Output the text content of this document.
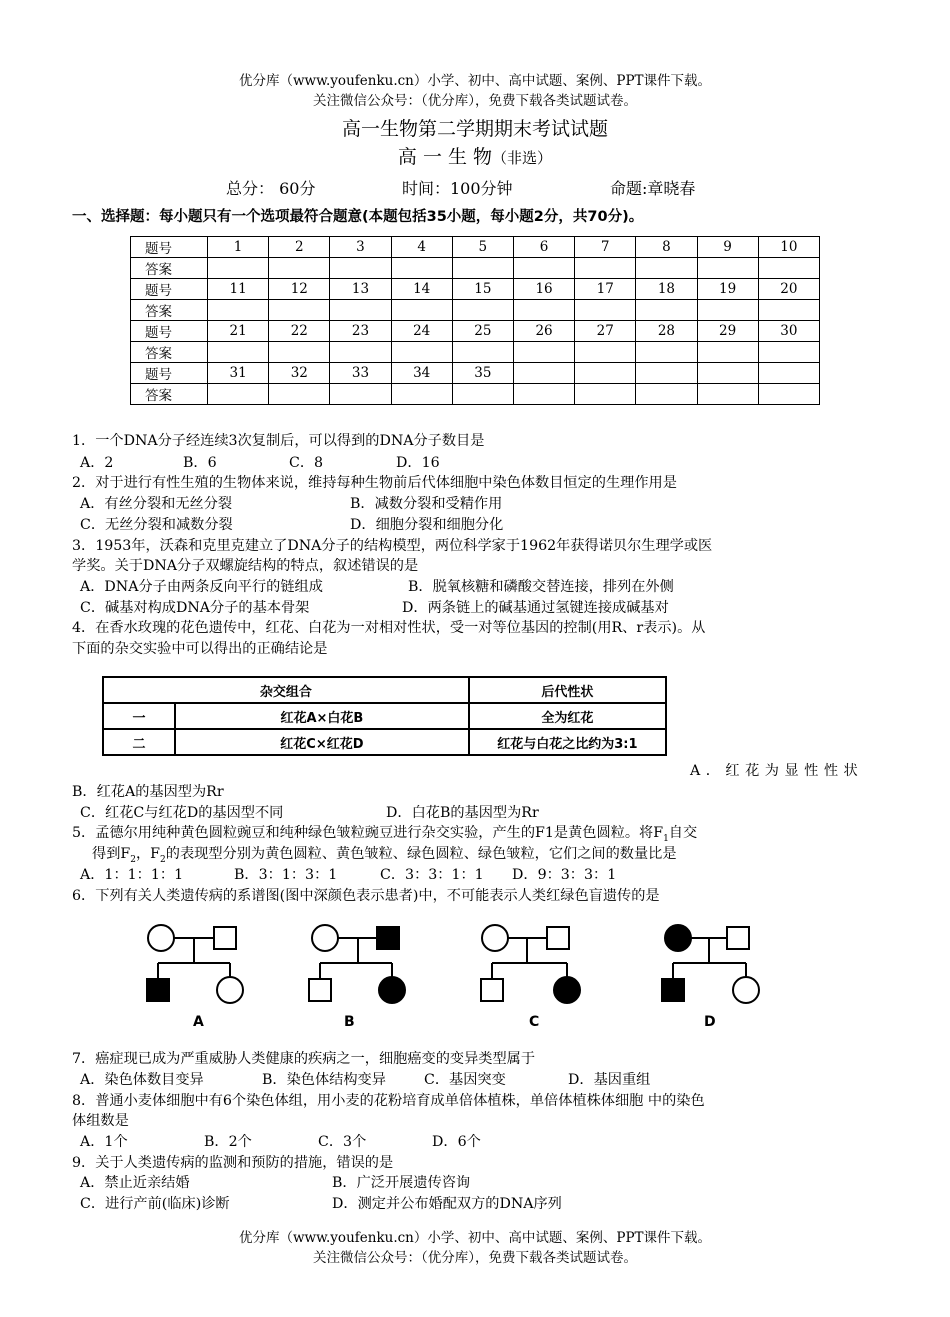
优分库（www.youfenku.cn）小学、初中、高中试题、案例、PPT课件下载。
关注微信公众号：（优分库），免费下载各类试题试卷。
高一生物第二学期期末考试试题
高 一 生 物（非选）
总分： 60分	时间：100分钟	命题:章晓春
一、选择题：每小题只有一个选项最符合题意(本题包括35小题，每小题2分，共70分)。
题号	1	2	3	4	5	6	7	8	9	10
答案										
题号	11	12	13	14	15	16	17	18	19	20
答案										
题号	21	22	23	24	25	26	27	28	29	30
答案										
题号	31	32	33	34	35					
答案										
1．一个DNA分子经连续3次复制后，可以得到的DNA分子数目是
A．2	B．6	C．8	D．16
2．对于进行有性生殖的生物体来说，维持每种生物前后代体细胞中染色体数目恒定的生理作用是
A．有丝分裂和无丝分裂	B．减数分裂和受精作用
C．无丝分裂和减数分裂	D．细胞分裂和细胞分化
3．1953年，沃森和克里克建立了DNA分子的结构模型，两位科学家于1962年获得诺贝尔生理学或医
学奖。关于DNA分子双螺旋结构的特点，叙述错误的是
A．DNA分子由两条反向平行的链组成	B．脱氧核糖和磷酸交替连接，排列在外侧
C．碱基对构成DNA分子的基本骨架	D．两条链上的碱基通过氢键连接成碱基对
4．在香水玫瑰的花色遗传中，红花、白花为一对相对性状，受一对等位基因的控制(用R、r表示)。从
下面的杂交实验中可以得出的正确结论是
杂交组合		后代性状
一	红花A×白花B	全为红花
二	红花C×红花D	红花与白花之比约为3:1
A．红花为显性性状
B．红花A的基因型为Rr
C．红花C与红花D的基因型不同	D．白花B的基因型为Rr
5．孟德尔用纯种黄色圆粒豌豆和纯种绿色皱粒豌豆进行杂交实验，产生的F1是黄色圆粒。将$F_1$自交
得到$F_2$，$F_2$的表现型分别为黄色圆粒、黄色皱粒、绿色圆粒、绿色皱粒，它们之间的数量比是
A．1：1：1：1	B．3：1：3：1	C．3：3：1：1 D．9：3：3：1
6．下列有关人类遗传病的系谱图(图中深颜色表示患者)中，不可能表示人类红绿色盲遗传的是
A	B	C	D
7．癌症现已成为严重威胁人类健康的疾病之一，细胞癌变的变异类型属于
A．染色体数目变异	B．染色体结构变异	C．基因突变	D．基因重组
8．普通小麦体细胞中有6个染色体组，用小麦的花粉培育成单倍体植株，单倍体植株体细胞 中的染色
体组数是
A．1个	B．2个	C．3个	D．6个
9．关于人类遗传病的监测和预防的措施，错误的是
A．禁止近亲结婚	B．广泛开展遗传咨询
C．进行产前(临床)诊断	D．测定并公布婚配双方的DNA序列
优分库（www.youfenku.cn）小学、初中、高中试题、案例、PPT课件下载。
关注微信公众号：（优分库），免费下载各类试题试卷。
